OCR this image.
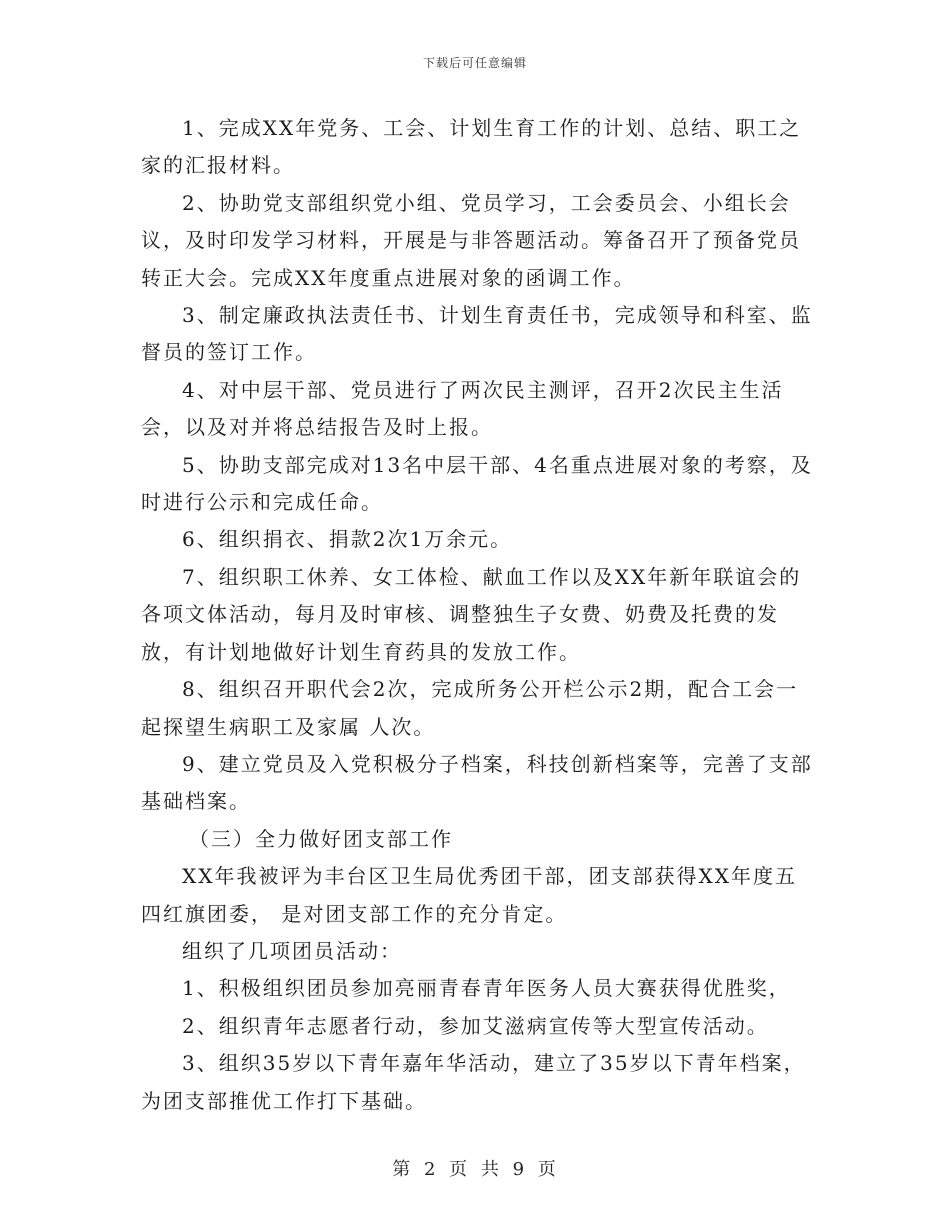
下载后可任意编辑

1、完成XX年党务、工会、计划生育工作的计划、总结、职工之家的汇报材料。

2、协助党支部组织党小组、党员学习，工会委员会、小组长会议，及时印发学习材料，开展是与非答题活动。筹备召开了预备党员转正大会。完成XX年度重点进展对象的函调工作。

3、制定廉政执法责任书、计划生育责任书，完成领导和科室、监督员的签订工作。

4、对中层干部、党员进行了两次民主测评，召开2次民主生活会，以及对并将总结报告及时上报。

5、协助支部完成对13名中层干部、4名重点进展对象的考察，及时进行公示和完成任命。

6、组织捐衣、捐款2次1万余元。

7、组织职工休养、女工体检、献血工作以及XX年新年联谊会的各项文体活动，每月及时审核、调整独生子女费、奶费及托费的发放，有计划地做好计划生育药具的发放工作。

8、组织召开职代会2次，完成所务公开栏公示2期，配合工会一起探望生病职工及家属 人次。

9、建立党员及入党积极分子档案，科技创新档案等，完善了支部基础档案。

（三）全力做好团支部工作

XX年我被评为丰台区卫生局优秀团干部，团支部获得XX年度五四红旗团委， 是对团支部工作的充分肯定。

组织了几项团员活动：

1、积极组织团员参加亮丽青春青年医务人员大赛获得优胜奖，

2、组织青年志愿者行动，参加艾滋病宣传等大型宣传活动。

3、组织35岁以下青年嘉年华活动，建立了35岁以下青年档案，为团支部推优工作打下基础。

第 2 页 共 9 页
